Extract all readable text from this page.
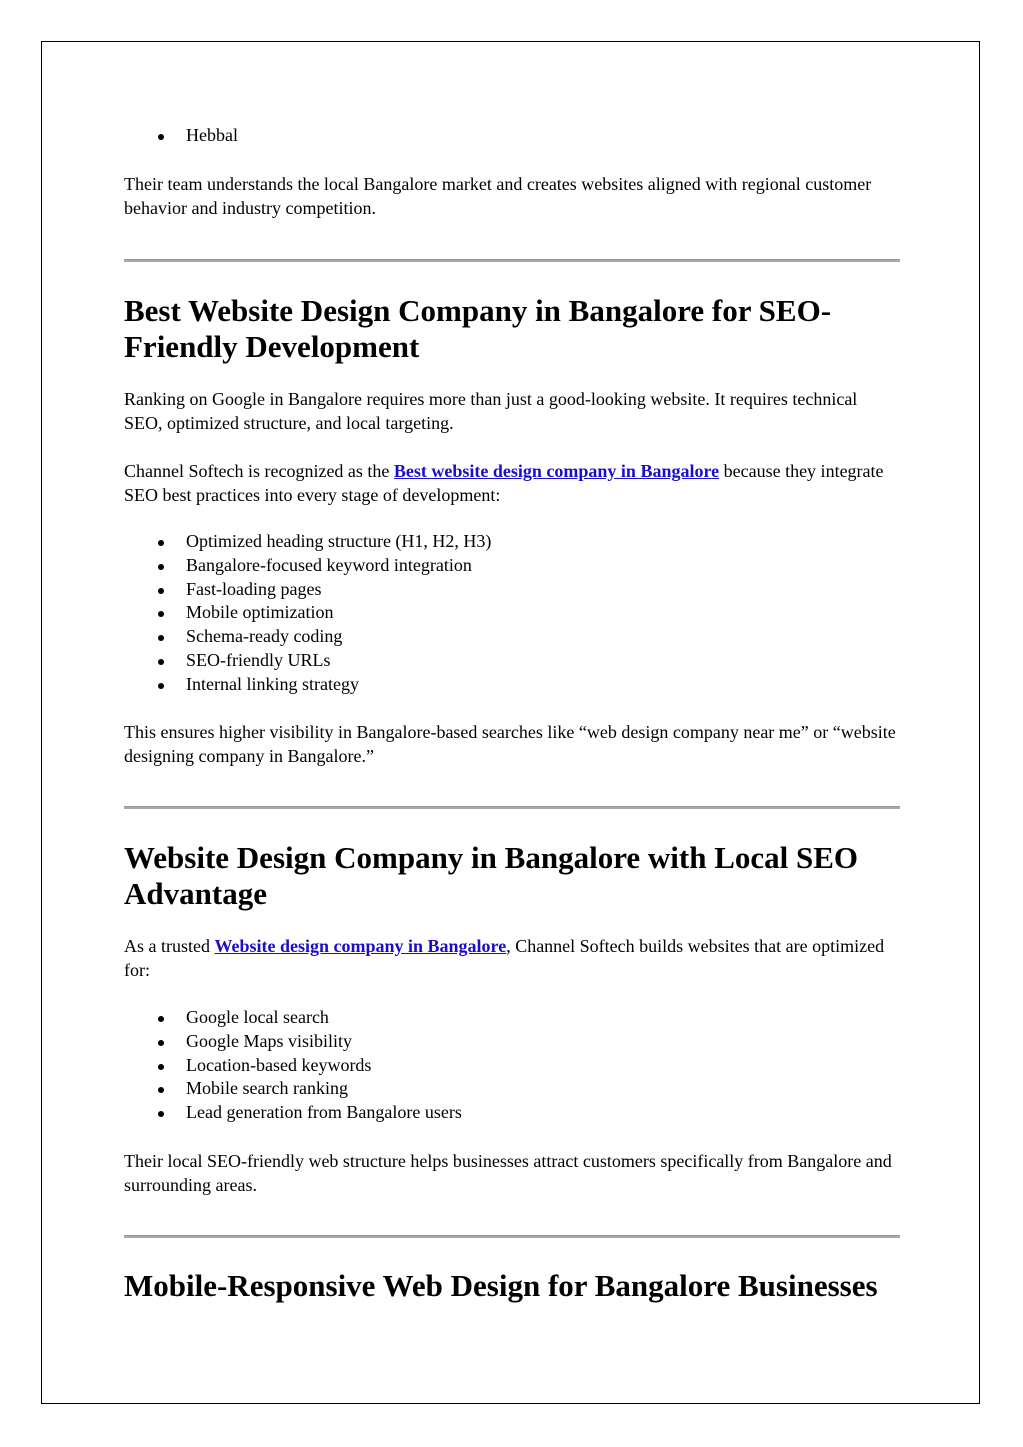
Hebbal

Their team understands the local Bangalore market and creates websites aligned with regional customer behavior and industry competition.

Best Website Design Company in Bangalore for SEO-Friendly Development

Ranking on Google in Bangalore requires more than just a good-looking website. It requires technical SEO, optimized structure, and local targeting.

Channel Softech is recognized as the Best website design company in Bangalore because they integrate SEO best practices into every stage of development:

Optimized heading structure (H1, H2, H3)
Bangalore-focused keyword integration
Fast-loading pages
Mobile optimization
Schema-ready coding
SEO-friendly URLs
Internal linking strategy

This ensures higher visibility in Bangalore-based searches like “web design company near me” or “website designing company in Bangalore.”

Website Design Company in Bangalore with Local SEO Advantage

As a trusted Website design company in Bangalore, Channel Softech builds websites that are optimized for:

Google local search
Google Maps visibility
Location-based keywords
Mobile search ranking
Lead generation from Bangalore users

Their local SEO-friendly web structure helps businesses attract customers specifically from Bangalore and surrounding areas.

Mobile-Responsive Web Design for Bangalore Businesses
